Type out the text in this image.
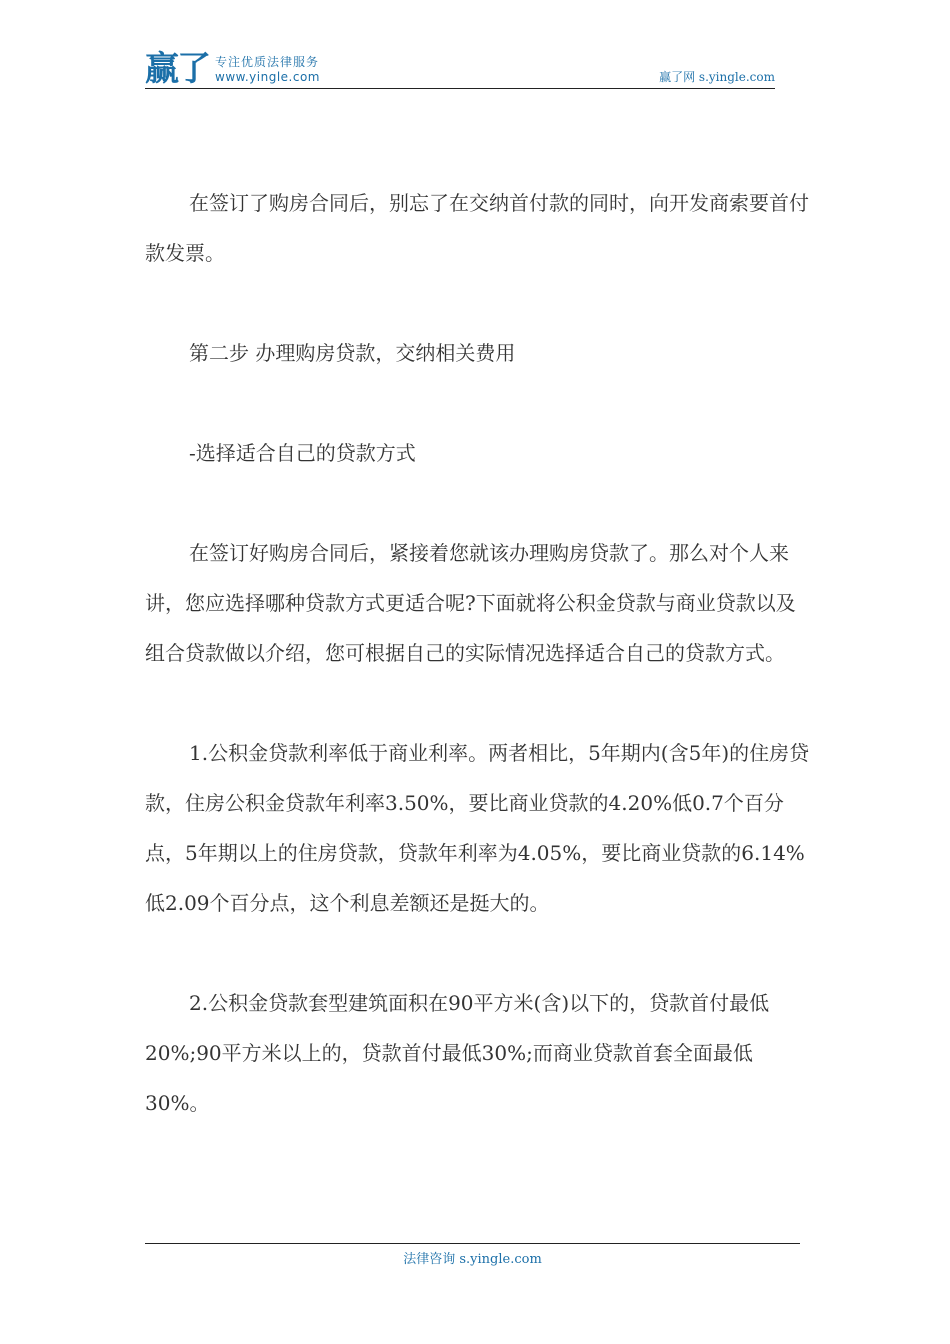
赢了 专注优质法律服务
www.yingle.com	赢了网 s.yingle.com

在签订了购房合同后，别忘了在交纳首付款的同时，向开发商索要首付款发票。

第二步 办理购房贷款，交纳相关费用

-选择适合自己的贷款方式

在签订好购房合同后，紧接着您就该办理购房贷款了。那么对个人来讲，您应选择哪种贷款方式更适合呢?下面就将公积金贷款与商业贷款以及组合贷款做以介绍，您可根据自己的实际情况选择适合自己的贷款方式。

1.公积金贷款利率低于商业利率。两者相比，5年期内(含5年)的住房贷款，住房公积金贷款年利率3.50%，要比商业贷款的4.20%低0.7个百分点，5年期以上的住房贷款，贷款年利率为4.05%，要比商业贷款的6.14%低2.09个百分点，这个利息差额还是挺大的。

2.公积金贷款套型建筑面积在90平方米(含)以下的，贷款首付最低20%;90平方米以上的，贷款首付最低30%;而商业贷款首套全面最低30%。

法律咨询 s.yingle.com
